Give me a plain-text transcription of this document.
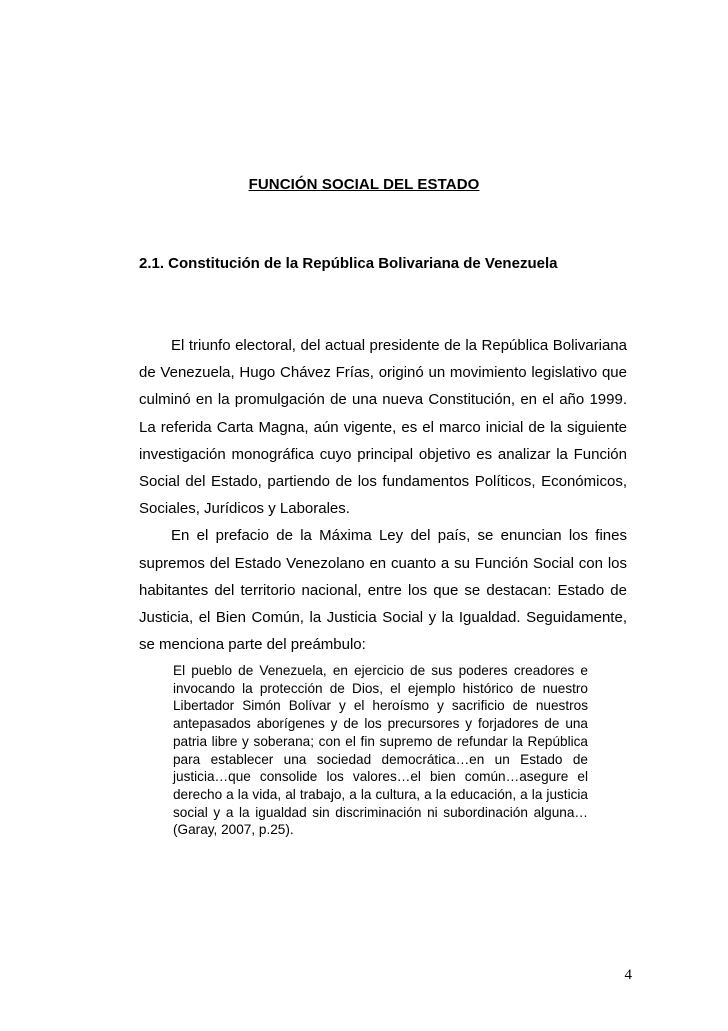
FUNCIÓN SOCIAL DEL ESTADO
2.1. Constitución de la República Bolivariana de Venezuela

El triunfo electoral, del actual presidente de la República Bolivariana de Venezuela, Hugo Chávez Frías, originó un movimiento legislativo que culminó en la promulgación de una nueva Constitución, en el año 1999. La referida Carta Magna, aún vigente, es el marco inicial de la siguiente investigación monográfica cuyo principal objetivo es analizar la Función Social del Estado, partiendo de los fundamentos Políticos, Económicos, Sociales, Jurídicos y Laborales.

En el prefacio de la Máxima Ley del país, se enuncian los fines supremos del Estado Venezolano en cuanto a su Función Social con los habitantes del territorio nacional, entre los que se destacan: Estado de Justicia, el Bien Común, la Justicia Social y la Igualdad. Seguidamente, se menciona parte del preámbulo:

El pueblo de Venezuela, en ejercicio de sus poderes creadores e invocando la protección de Dios, el ejemplo histórico de nuestro Libertador Simón Bolívar y el heroísmo y sacrificio de nuestros antepasados aborígenes y de los precursores y forjadores de una patria libre y soberana; con el fin supremo de refundar la República para establecer una sociedad democrática…en un Estado de justicia…que consolide los valores…el bien común…asegure el derecho a la vida, al trabajo, a la cultura, a la educación, a la justicia social y a la igualdad sin discriminación ni subordinación alguna…(Garay, 2007, p.25).
4
